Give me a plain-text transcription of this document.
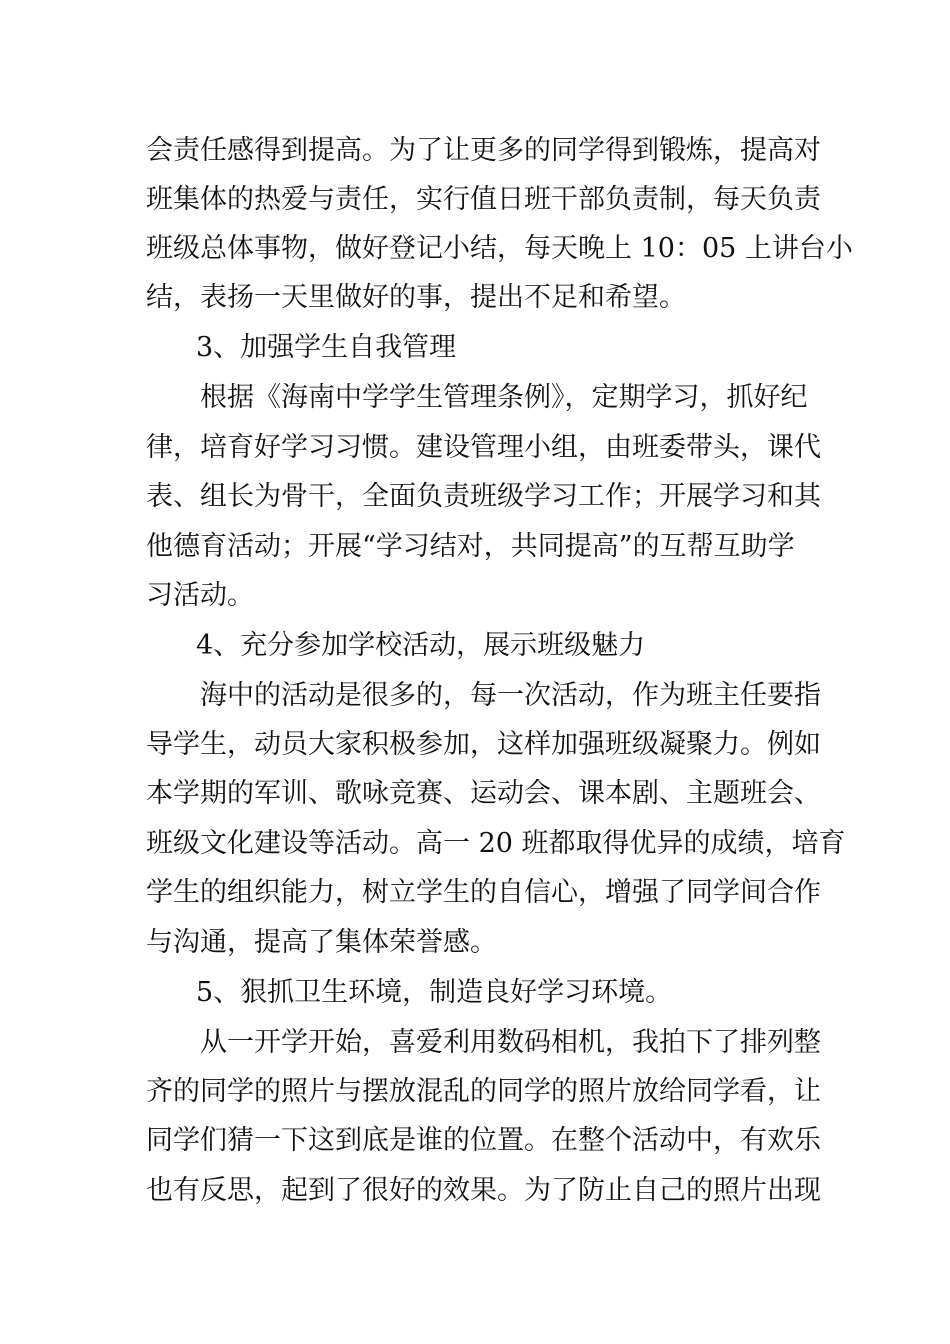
会责任感得到提高。为了让更多的同学得到锻炼，提高对
班集体的热爱与责任，实行值日班干部负责制，每天负责
班级总体事物，做好登记小结，每天晚上 10：05 上讲台小
结，表扬一天里做好的事，提出不足和希望。
3、加强学生自我管理
根据《海南中学学生管理条例》，定期学习，抓好纪
律，培育好学习习惯。建设管理小组，由班委带头，课代
表、组长为骨干，全面负责班级学习工作；开展学习和其
他德育活动；开展“学习结对，共同提高”的互帮互助学
习活动。
4、充分参加学校活动，展示班级魅力
海中的活动是很多的，每一次活动，作为班主任要指
导学生，动员大家积极参加，这样加强班级凝聚力。例如
本学期的军训、歌咏竞赛、运动会、课本剧、主题班会、
班级文化建设等活动。高一 20 班都取得优异的成绩，培育
学生的组织能力，树立学生的自信心，增强了同学间合作
与沟通，提高了集体荣誉感。
5、狠抓卫生环境，制造良好学习环境。
从一开学开始，喜爱利用数码相机，我拍下了排列整
齐的同学的照片与摆放混乱的同学的照片放给同学看，让
同学们猜一下这到底是谁的位置。在整个活动中，有欢乐
也有反思，起到了很好的效果。为了防止自己的照片出现
